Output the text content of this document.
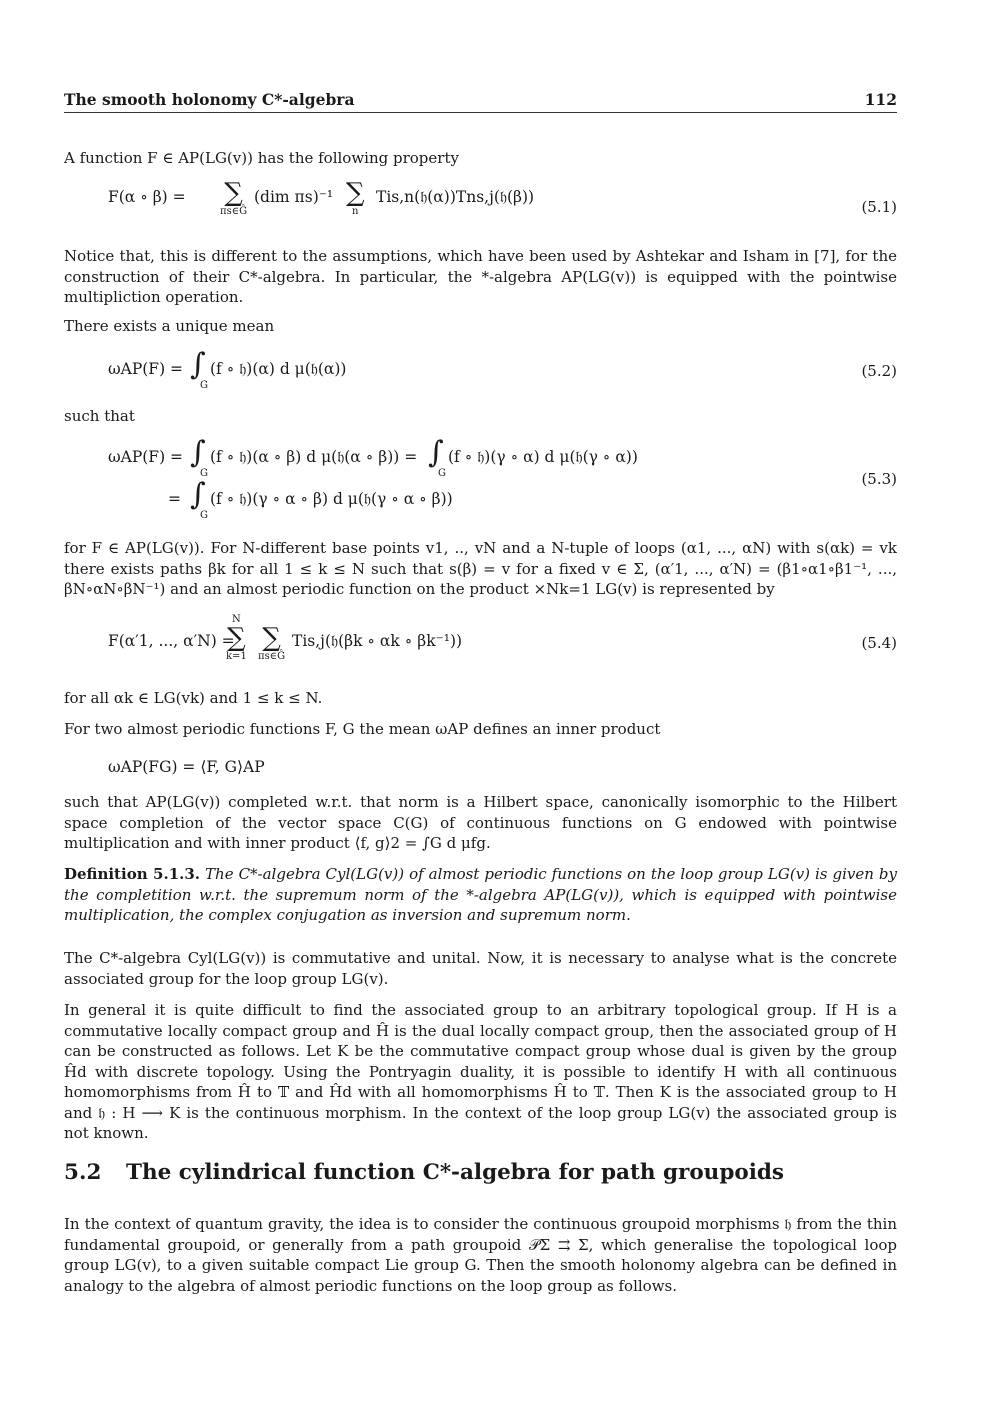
The smooth holonomy C*-algebra	112

A function F ∈ AP(LG(v)) has the following property

F(α ∘ β) = ∑
πs∈Ĝ
(dim πs)⁻¹ ∑
n
Tis,n(𝔥(α))Tns,j(𝔥(β))
(5.1)

Notice that, this is different to the assumptions, which have been used by Ashtekar and Isham in [7], for the construction of their C*-algebra. In particular, the *-algebra AP(LG(v)) is equipped with the pointwise multipliction operation.

There exists a unique mean

ωAP(F) = ∫
G
(f ∘ 𝔥)(α) d μ(𝔥(α))	(5.2)

such that

ωAP(F) = ∫
G
(f ∘ 𝔥)(α ∘ β) d μ(𝔥(α ∘ β)) = ∫
G
(f ∘ 𝔥)(γ ∘ α) d μ(𝔥(γ ∘ α))
= ∫
G
(f ∘ 𝔥)(γ ∘ α ∘ β) d μ(𝔥(γ ∘ α ∘ β))
(5.3)

for F ∈ AP(LG(v)). For N-different base points v1, .., vN and a N-tuple of loops (α1, ..., αN) with s(αk) = vk there exists paths βk for all 1 ≤ k ≤ N such that s(β) = v for a fixed v ∈ Σ, (α′1, ..., α′N) = (β1∘α1∘β1⁻¹, ..., βN∘αN∘βN⁻¹) and an almost periodic function on the product ×Nk=1 LG(v) is represented by

F(α′1, ..., α′N) =
N
∑
k=1
∑
πs∈Ĝ
Tis,j(𝔥(βk ∘ αk ∘ βk⁻¹))	(5.4)

for all αk ∈ LG(vk) and 1 ≤ k ≤ N.

For two almost periodic functions F, G the mean ωAP defines an inner product

ωAP(FG) = ⟨F, G⟩AP

such that AP(LG(v)) completed w.r.t. that norm is a Hilbert space, canonically isomorphic to the Hilbert space completion of the vector space C(G) of continuous functions on G endowed with pointwise multiplication and with inner product ⟨f, g⟩2 = ∫G d μfg.

Definition 5.1.3. The C*-algebra Cyl(LG(v)) of almost periodic functions on the loop group LG(v) is given by the completition w.r.t. the supremum norm of the *-algebra AP(LG(v)), which is equipped with pointwise multiplication, the complex conjugation as inversion and supremum norm.

The C*-algebra Cyl(LG(v)) is commutative and unital. Now, it is necessary to analyse what is the concrete associated group for the loop group LG(v).

In general it is quite difficult to find the associated group to an arbitrary topological group. If H is a commutative locally compact group and Ĥ is the dual locally compact group, then the associated group of H can be constructed as follows. Let K be the commutative compact group whose dual is given by the group Ĥd with discrete topology. Using the Pontryagin duality, it is possible to identify H with all continuous homomorphisms from Ĥ to 𝕋 and Ĥd with all homomorphisms Ĥ to 𝕋. Then K is the associated group to H and 𝔥 : H ⟶ K is the continuous morphism. In the context of the loop group LG(v) the associated group is not known.

5.2 The cylindrical function C*-algebra for path groupoids

In the context of quantum gravity, the idea is to consider the continuous groupoid morphisms 𝔥 from the thin fundamental groupoid, or generally from a path groupoid 𝒫Σ ⇉ Σ, which generalise the topological loop group LG(v), to a given suitable compact Lie group G. Then the smooth holonomy algebra can be defined in analogy to the algebra of almost periodic functions on the loop group as follows.
